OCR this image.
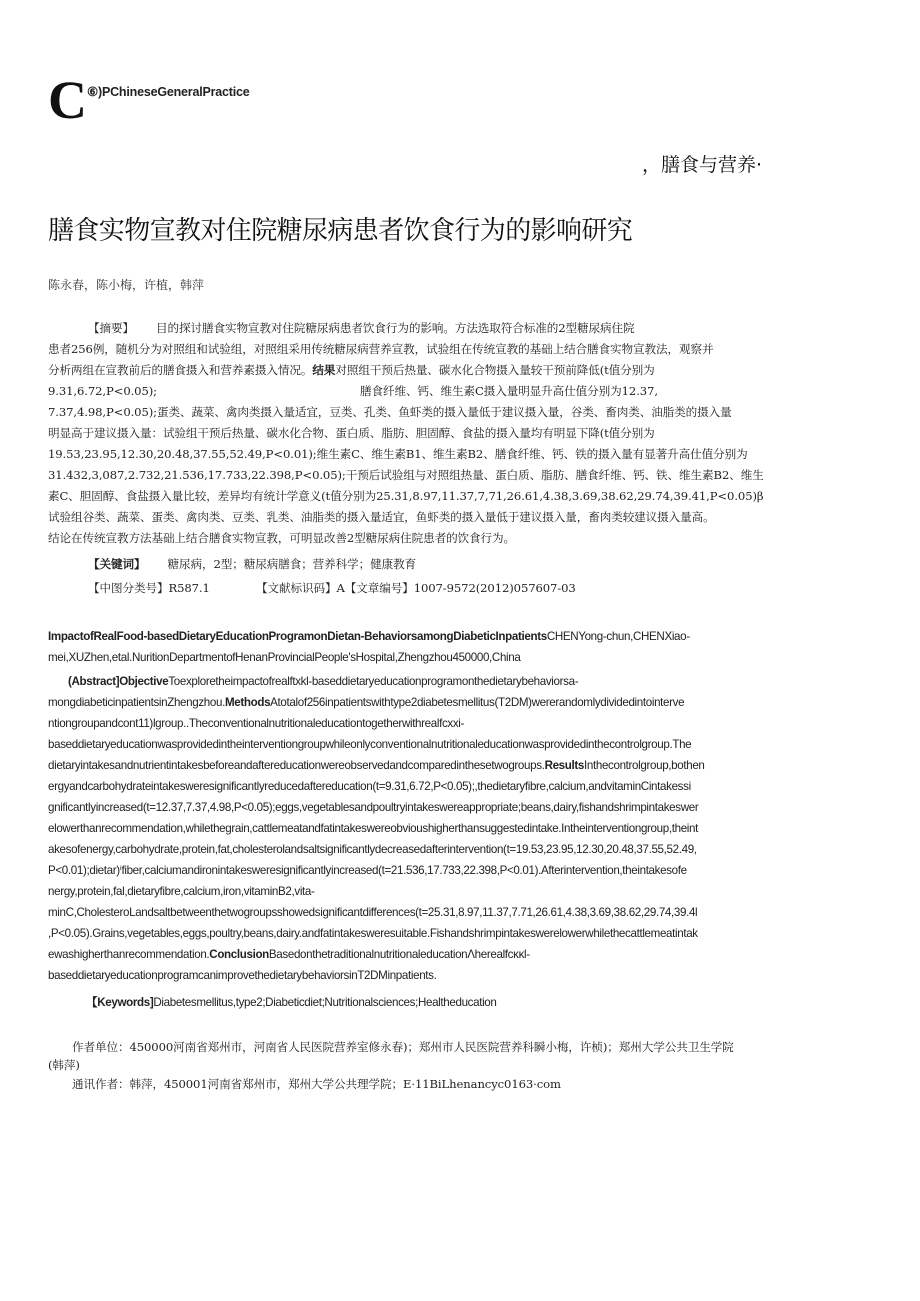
C ⑥)PChineseGeneralPractice
，膳食与营养·
膳食实物宣教对住院糖尿病患者饮食行为的影响研究
陈永春，陈小梅，许植，韩萍
【摘要】 目的探讨膳食实物宣教对住院糖尿病患者饮食行为的影响。方法选取符合标准的2型糖尿病住院
患者256例，随机分为对照组和试验组，对照组采用传统糖尿病营养宣教，试验组在传统宣教的基础上结合膳食实物宣教法，观察并
分析两组在宣教前后的膳食摄入和营养素摄入情况。结果对照组干预后热量、碳水化合物摄入量较干预前降低(t值分别为
9.31,6.72,P<0.05);	膳食纤维、钙、维生素C摄入量明显升高仕值分别为12.37,
7.37,4.98,P<0.05);蛋类、蔬菜、禽肉类摄入量适宜，豆类、孔类、鱼虾类的摄入量低于建议摄入量，谷类、畜肉类、油脂类的摄入量
明显高于建议摄入量：试验组干预后热量、碳水化合物、蛋白质、脂肪、胆固醇、食盐的摄入量均有明显下降(t值分别为
19.53,23.95,12.30,20.48,37.55,52.49,P<0.01);维生素C、维生素B1、维生素B2、膳食纤维、钙、铁的摄入量有显著升高仕值分别为
31.432,3,087,2.732,21.536,17.733,22.398,P<0.05);干预后试验组与对照组热量、蛋白质、脂肪、膳食纤维、钙、铁、维生素B2、维生
素C、胆固醇、食盐摄入量比较，差异均有统计学意义(t值分别为25.31,8.97,11.37,7,71,26.61,4.38,3.69,38.62,29.74,39.41,P<0.05)β
试验组谷类、蔬菜、蛋类、禽肉类、豆类、乳类、油脂类的摄入量适宜，鱼虾类的摄入量低于建议摄入量，畜肉类较建议摄入量高。
结论在传统宣教方法基础上结合膳食实物宣教，可明显改善2型糖尿病住院患者的饮食行为。
【关键词】 糖尿病，2型；糖尿病膳食；营养科学；健康教育
【中图分类号】R587.1	【文献标识码】A【文章编号】1007-9572(2012)057607-03
ImpactofRealFood-basedDietaryEducationProgramonDietan-BehaviorsamongDiabeticInpatientsCHENYong-chun,CHENXiao-
mei,XUZhen,etal.NuritionDepartmentofHenanProvincialPeople'sHospital,Zhengzhou450000,China
(Abstract]ObjectiveToexploretheimpactofrealftxkl-baseddietaryeducationprogramonthedietarybehaviorsa-
mongdiabeticinpatientsinZhengzhou.MethodsAtotalof256inpatientswithtype2diabetesmellitus(T2DM)wererandomlydividedintointerve
ntiongroupandcont11)lgroup..Theconventionalnutritionaleducationtogetherwithrealfcxxi-
baseddietaryeducationwasprovidedintheinterventiongroupwhileonlyconventionalnutritionaleducationwasprovidedinthecontrolgroup.The
dietaryintakesandnutrientintakesbeforeandaftereducationwereobservedandcomparedinthesetwogroups.ResultsInthecontrolgroup,bothen
ergyandcarbohydrateintakesweresignificantlyreducedaftereducation(t=9.31,6.72,P<0.05);,thedietaryfibre,calcium,andvitaminCintakessi
gnificantlyincreased(t=12.37,7.37,4.98,P<0.05);eggs,vegetablesandpoultryintakeswereappropriate;beans,dairy,fishandshrimpintakeswer
elowerthanrecommendation,whilethegrain,cattlemeatandfatintakeswereobvioushigherthansuggestedintake.Intheinterventiongroup,theint
akesofenergy,carbohydrate,protein,fat,cholesterolandsaltsignificantlydecreasedafterintervention(t=19.53,23.95,12.30,20.48,37.55,52.49,
P<0.01);dietar)ⁱfiber,calciumandironintakesweresignificantlyincreased(t=21.536,17.733,22.398,P<0.01).Afterintervention,theintakesofe
nergy,protein,fal,dietaryfibre,calcium,iron,vitaminB2,vita-
minC,CholesteroLandsaltbetweenthetwogroupsshowedsignificantdifferences(t=25.31,8.97,11.37,7.71,26.61,4.38,3.69,38.62,29.74,39.4l
,P<0.05).Grains,vegetables,eggs,poultry,beans,dairy.andfatintakesweresuitable.Fishandshrimpintakeswerelowerwhilethecattlemeatintak
ewashigherthanrecommendation.ConclusionBasedonthetraditionalnutritionaleducationΛherealfcκκl-
baseddietaryeducationprogramcanimprovethedietarybehaviorsinT2DMinpatients.
【Keywords]Diabetesmellitus,type2;Diabeticdiet;Nutritionalsciences;Healtheducation
作者单位：450000河南省郑州市，河南省人民医院营养室修永春)；郑州市人民医院营养科瞬小梅，许桢)；郑州大学公共卫生学院
(韩萍)
通讯作者：韩萍，450001河南省郑州市，郑州大学公共理学院；E·11BiLhenancyc0163·com
